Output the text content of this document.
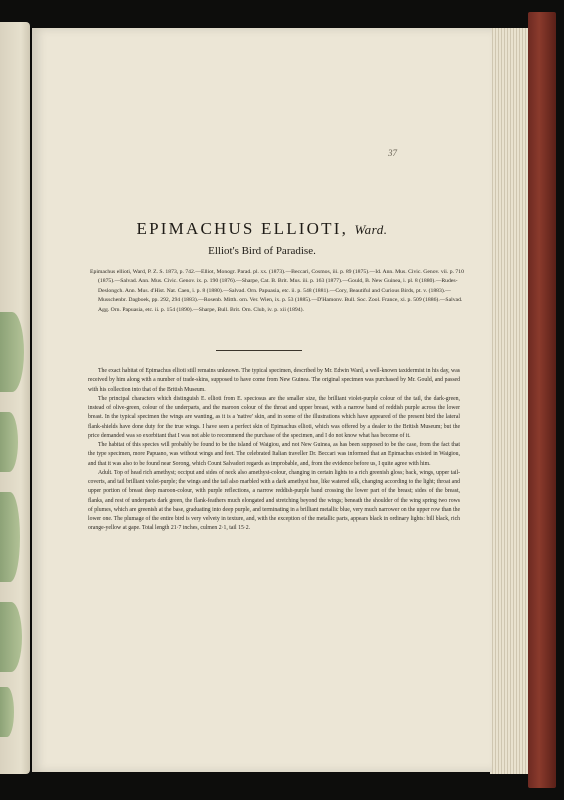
37
EPIMACHUS ELLIOTI, Ward.
Elliot's Bird of Paradise.
Epimachus ellioti, Ward, P. Z. S. 1873, p. 742.—Elliot, Monogr. Parad. pl. xx. (1873).—Beccari, Cosmos, iii. p. 89 (1875).—Id. Ann. Mus. Civic. Genov. vii. p. 710 (1875).—Salvad. Ann. Mus. Civic. Genov. ix. p. 190 (1876).—Sharpe, Cat. B. Brit. Mus. iii. p. 163 (1877).—Gould, B. New Guinea, i. pl. 8 (1880).—Rudes-Deslongch. Ann. Mus. d'Hist. Nat. Caen, i. p. 8 (1880).—Salvad. Orn. Papuasia, etc. ii. p. 548 (1881).—Cory, Beautiful and Curious Birds, pt. v. (1883).—Musschenbr. Dagboek, pp. 292, 294 (1883).—Rosenb. Mitth. orn. Ver. Wien, ix. p. 53 (1885).—D'Hamonv. Bull. Soc. Zool. France, xi. p. 509 (1886).—Salvad. Agg. Orn. Papuasia, etc. ii. p. 154 (1890).—Sharpe, Bull. Brit. Orn. Club, iv. p. xii (1894).

The exact habitat of Epimachus ellioti still remains unknown. The typical specimen, described by Mr. Edwin Ward, a well-known taxidermist in his day, was received by him along with a number of trade-skins, supposed to have come from New Guinea. The original specimen was purchased by Mr. Gould, and passed with his collection into that of the British Museum.

The principal characters which distinguish E. ellioti from E. speciosus are the smaller size, the brilliant violet-purple colour of the tail, the dark-green, instead of olive-green, colour of the underparts, and the maroon colour of the throat and upper breast, with a narrow band of reddish purple across the lower breast. In the typical specimen the wings are wanting, as it is a 'native' skin, and in some of the illustrations which have appeared of the present bird the lateral flank-shields have done duty for the true wings. I have seen a perfect skin of Epimachus ellioti, which was offered by a dealer to the British Museum; but the price demanded was so exorbitant that I was not able to recommend the purchase of the specimen, and I do not know what has become of it.

The habitat of this species will probably be found to be the island of Waigiou, and not New Guinea, as has been supposed to be the case, from the fact that the type specimen, more Papuano, was without wings and feet. The celebrated Italian traveller Dr. Beccari was informed that an Epimachus existed in Waigiou, and that it was also to be found near Sorong, which Count Salvadori regards as improbable, and, from the evidence before us, I quite agree with him.

Adult. Top of head rich amethyst; occiput and sides of neck also amethyst-colour, changing in certain lights to a rich greenish gloss; back, wings, upper tail-coverts, and tail brilliant violet-purple; the wings and the tail also marbled with a dark amethyst hue, like watered silk, changing according to the light; throat and upper portion of breast deep maroon-colour, with purple reflections, a narrow reddish-purple band crossing the lower part of the breast; sides of the breast, flanks, and rest of underparts dark green, the flank-feathers much elongated and stretching beyond the wings; beneath the shoulder of the wing spring two rows of plumes, which are greenish at the base, graduating into deep purple, and terminating in a brilliant metallic blue, very much narrower on the upper row than the lower one. The plumage of the entire bird is very velvety in texture, and, with the exception of the metallic parts, appears black in ordinary lights: bill black, rich orange-yellow at gape. Total length 21·7 inches, culmen 2·1, tail 15·2.
